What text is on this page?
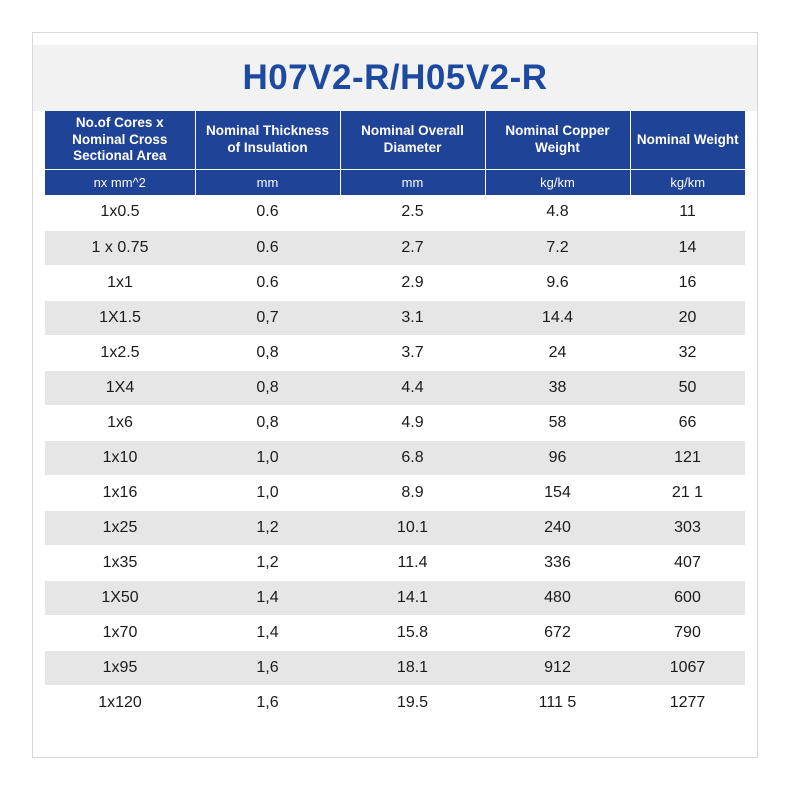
H07V2-R/H05V2-R
No.of Cores x Nominal Cross Sectional Area	Nominal Thickness of Insulation	Nominal Overall Diameter	Nominal Copper Weight	Nominal Weight
nx mm^2	mm	mm	kg/km	kg/km
1x0.5	0.6	2.5	4.8	11
1 x 0.75	0.6	2.7	7.2	14
1x1	0.6	2.9	9.6	16
1X1.5	0,7	3.1	14.4	20
1x2.5	0,8	3.7	24	32
1X4	0,8	4.4	38	50
1x6	0,8	4.9	58	66
1x10	1,0	6.8	96	121
1x16	1,0	8.9	154	21 1
1x25	1,2	10.1	240	303
1x35	1,2	11.4	336	407
1X50	1,4	14.1	480	600
1x70	1,4	15.8	672	790
1x95	1,6	18.1	912	1067
1x120	1,6	19.5	111 5	1277
